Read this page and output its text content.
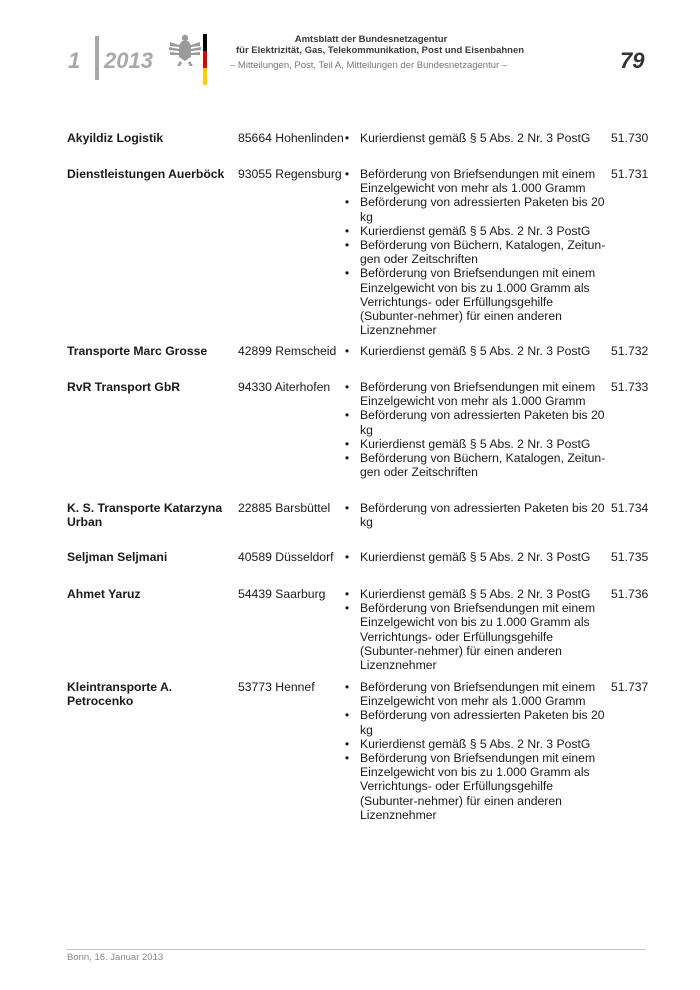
1 2013
Amtsblatt der Bundesnetzagentur
für Elektrizität, Gas, Telekommunikation, Post und Eisenbahnen
– Mitteilungen, Post, Teil A, Mitteilungen der Bundesnetzagentur –	79
Akyildiz Logistik	85664 Hohenlinden • Kurierdienst gemäß § 5 Abs. 2 Nr. 3 PostG	51.730
Dienstleistungen Auerböck	93055 Regensburg • Beförderung von Briefsendungen mit einem Einzelgewicht von mehr als 1.000 Gramm
• Beförderung von adressierten Paketen bis 20 kg
• Kurierdienst gemäß § 5 Abs. 2 Nr. 3 PostG
• Beförderung von Büchern, Katalogen, Zeitun-gen oder Zeitschriften
• Beförderung von Briefsendungen mit einem Einzelgewicht von bis zu 1.000 Gramm als Verrichtungs- oder Erfüllungsgehilfe (Subunter-nehmer) für einen anderen Lizenznehmer
51.731
Transporte Marc Grosse	42899 Remscheid • Kurierdienst gemäß § 5 Abs. 2 Nr. 3 PostG	51.732
RvR Transport GbR	94330 Aiterhofen	• Beförderung von Briefsendungen mit einem Einzelgewicht von mehr als 1.000 Gramm
• Beförderung von adressierten Paketen bis 20 kg
• Kurierdienst gemäß § 5 Abs. 2 Nr. 3 PostG
• Beförderung von Büchern, Katalogen, Zeitun-gen oder Zeitschriften
51.733
K. S. Transporte Katarzyna Urban
22885 Barsbüttel	• Beförderung von adressierten Paketen bis 20 kg
51.734
Seljman Seljmani	40589 Düsseldorf • Kurierdienst gemäß § 5 Abs. 2 Nr. 3 PostG	51.735
Ahmet Yaruz	54439 Saarburg	• Kurierdienst gemäß § 5 Abs. 2 Nr. 3 PostG
• Beförderung von Briefsendungen mit einem Einzelgewicht von bis zu 1.000 Gramm als Verrichtungs- oder Erfüllungsgehilfe (Subunter-nehmer) für einen anderen Lizenznehmer
51.736
Kleintransporte A. Petrocenko
53773 Hennef	• Beförderung von Briefsendungen mit einem Einzelgewicht von mehr als 1.000 Gramm
• Beförderung von adressierten Paketen bis 20 kg
• Kurierdienst gemäß § 5 Abs. 2 Nr. 3 PostG
• Beförderung von Briefsendungen mit einem Einzelgewicht von bis zu 1.000 Gramm als Verrichtungs- oder Erfüllungsgehilfe (Subunter-nehmer) für einen anderen Lizenznehmer
51.737
Bonn, 16. Januar 2013
